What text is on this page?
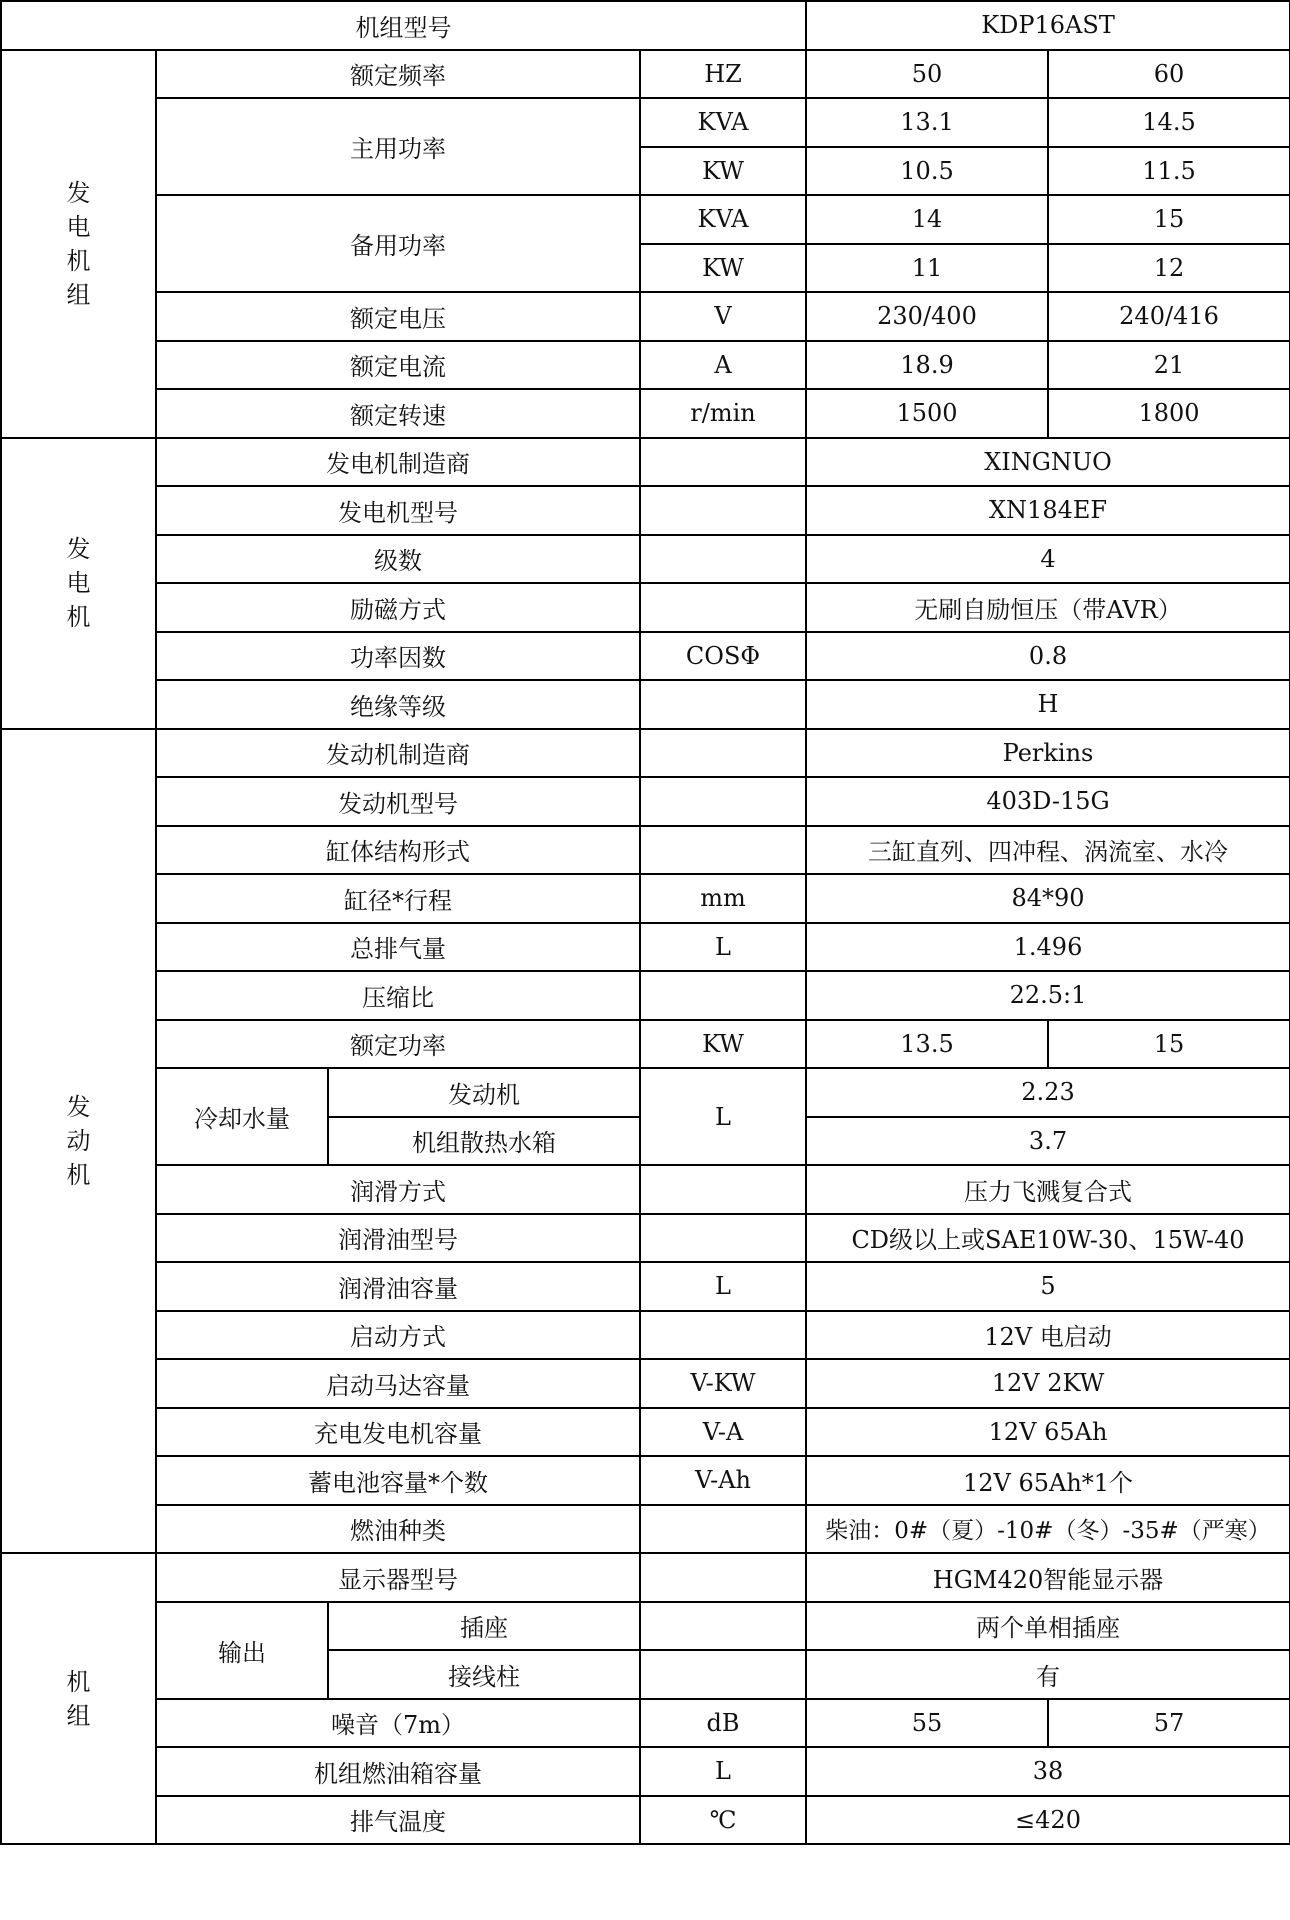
机组型号				KDP16AST	
发
电
机
组	额定频率		HZ	50	60
	主用功率		KVA	13.1	14.5
			KW	10.5	11.5
	备用功率		KVA	14	15
			KW	11	12
	额定电压		V	230/400	240/416
	额定电流		A	18.9	21
	额定转速		r/min	1500	1800
发
电
机	发电机制造商			XINGNUO	
	发电机型号			XN184EF	
	级数			4	
	励磁方式			无刷自励恒压（带AVR）	
	功率因数		COSΦ	0.8	
	绝缘等级			H	
发
动
机	发动机制造商			Perkins	
	发动机型号			403D-15G	
	缸体结构形式			三缸直列、四冲程、涡流室、水冷	
	缸径*行程		mm	84*90	
	总排气量		L	1.496	
	压缩比			22.5:1	
	额定功率		KW	13.5	15
	冷却水量	发动机	L	2.23	
		机组散热水箱		3.7	
	润滑方式			压力飞溅复合式	
	润滑油型号			CD级以上或SAE10W-30、15W-40	
	润滑油容量		L	5	
	启动方式			12V 电启动	
	启动马达容量		V-KW	12V 2KW	
	充电发电机容量		V-A	12V 65Ah	
	蓄电池容量*个数		V-Ah	12V 65Ah*1个	
	燃油种类			柴油：0#（夏）-10#（冬）-35#（严寒）	
机
组	显示器型号			HGM420智能显示器	
	输出	插座		两个单相插座	
		接线柱		有	
	噪音（7m）		dB	55	57
	机组燃油箱容量		L	38	
	排气温度		℃	≤420	
